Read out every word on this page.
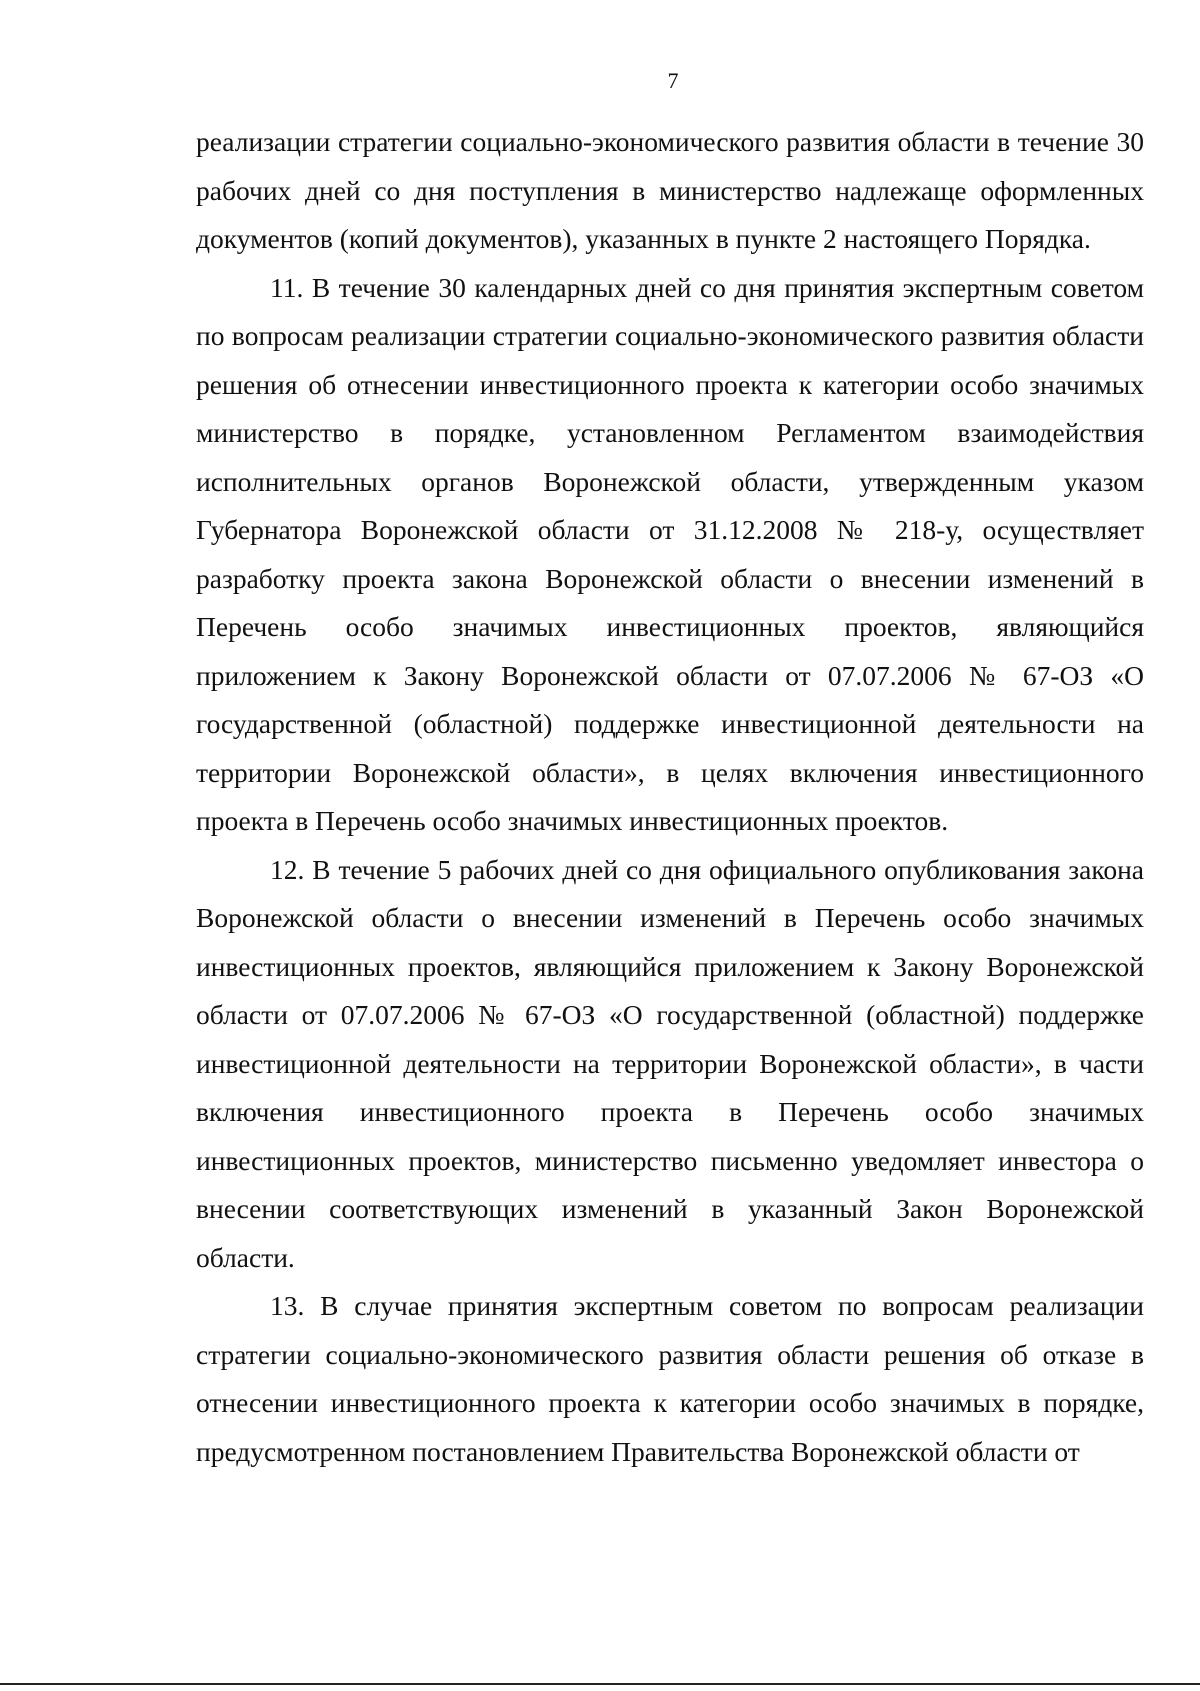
7

реализации стратегии социально-экономического развития области в течение 30 рабочих дней со дня поступления в министерство надлежаще оформленных документов (копий документов), указанных в пункте 2 настоящего Порядка.

11. В течение 30 календарных дней со дня принятия экспертным советом по вопросам реализации стратегии социально-экономического развития области решения об отнесении инвестиционного проекта к категории особо значимых министерство в порядке, установленном Регламентом взаимодействия исполнительных органов Воронежской области, утвержденным указом Губернатора Воронежской области от 31.12.2008 № 218-у, осуществляет разработку проекта закона Воронежской области о внесении изменений в Перечень особо значимых инвестиционных проектов, являющийся приложением к Закону Воронежской области от 07.07.2006 № 67-ОЗ «О государственной (областной) поддержке инвестиционной деятельности на территории Воронежской области», в целях включения инвестиционного проекта в Перечень особо значимых инвестиционных проектов.

12. В течение 5 рабочих дней со дня официального опубликования закона Воронежской области о внесении изменений в Перечень особо значимых инвестиционных проектов, являющийся приложением к Закону Воронежской области от 07.07.2006 № 67-ОЗ «О государственной (областной) поддержке инвестиционной деятельности на территории Воронежской области», в части включения инвестиционного проекта в Перечень особо значимых инвестиционных проектов, министерство письменно уведомляет инвестора о внесении соответствующих изменений в указанный Закон Воронежской области.

13. В случае принятия экспертным советом по вопросам реализации стратегии социально-экономического развития области решения об отказе в отнесении инвестиционного проекта к категории особо значимых в порядке, предусмотренном постановлением Правительства Воронежской области от
